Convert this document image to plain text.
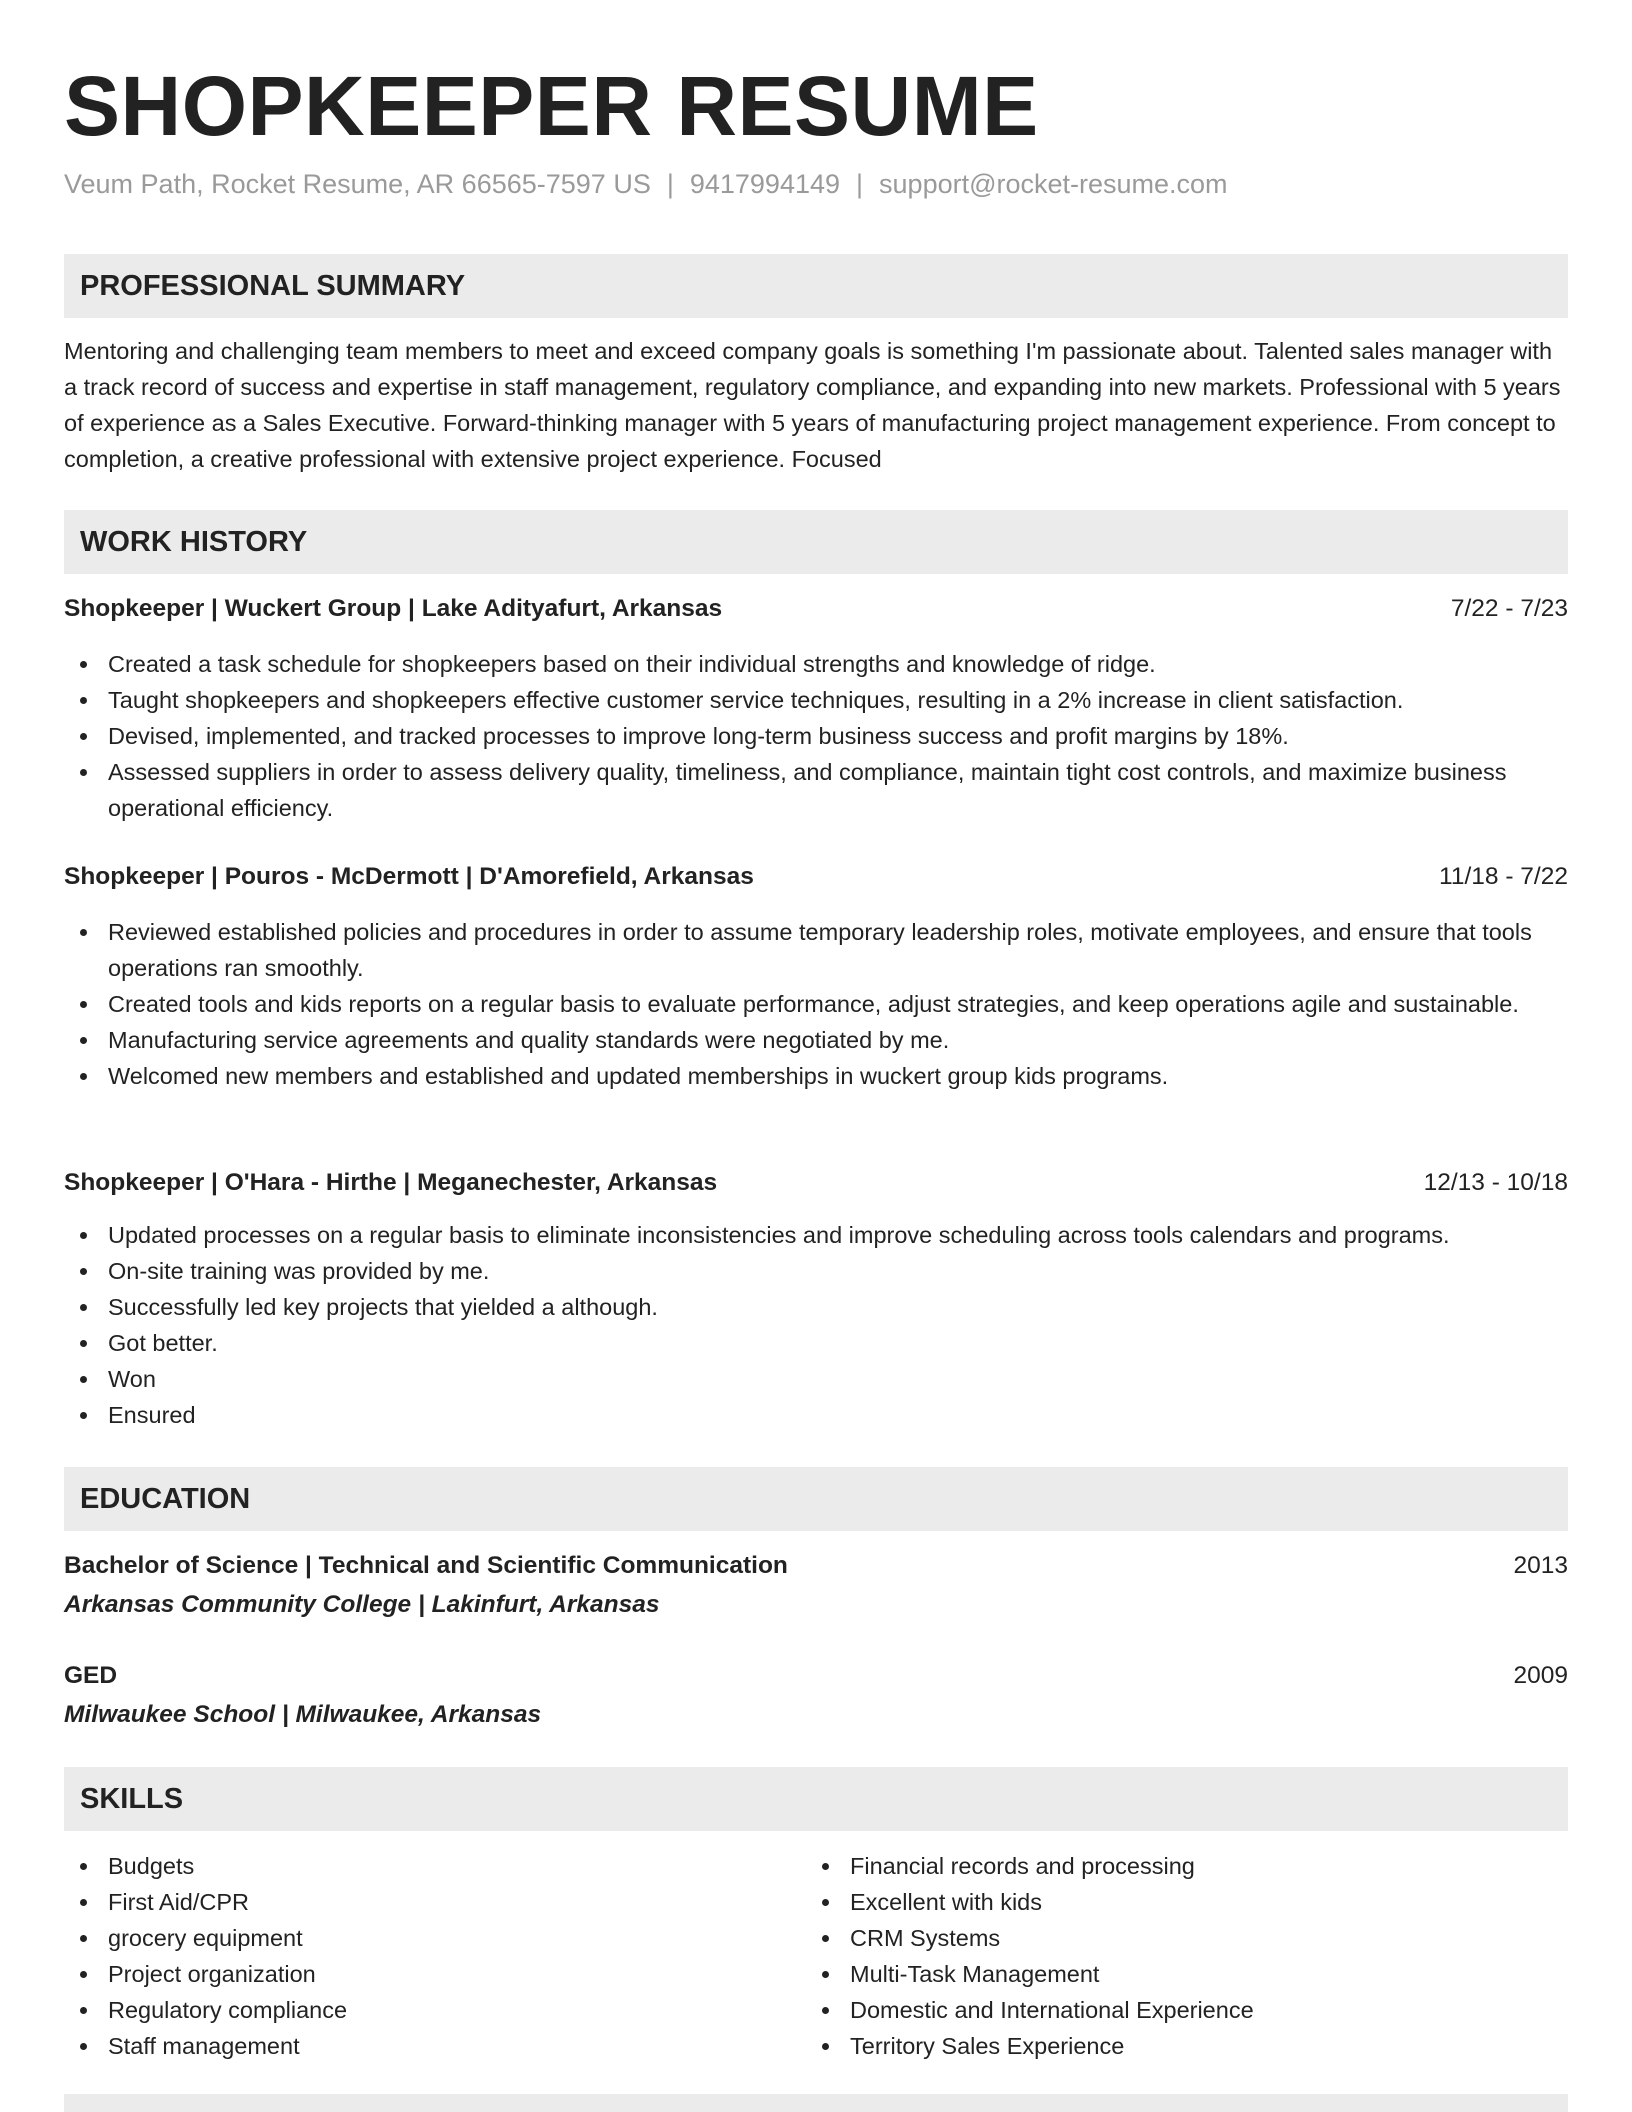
SHOPKEEPER RESUME
Veum Path, Rocket Resume, AR 66565-7597 US | 9417994149 | support@rocket-resume.com
PROFESSIONAL SUMMARY
Mentoring and challenging team members to meet and exceed company goals is something I'm passionate about. Talented sales manager with a track record of success and expertise in staff management, regulatory compliance, and expanding into new markets. Professional with 5 years of experience as a Sales Executive. Forward-thinking manager with 5 years of manufacturing project management experience. From concept to completion, a creative professional with extensive project experience. Focused
WORK HISTORY
Shopkeeper | Wuckert Group | Lake Adityafurt, Arkansas	7/22 - 7/23
Created a task schedule for shopkeepers based on their individual strengths and knowledge of ridge.
Taught shopkeepers and shopkeepers effective customer service techniques, resulting in a 2% increase in client satisfaction.
Devised, implemented, and tracked processes to improve long-term business success and profit margins by 18%.
Assessed suppliers in order to assess delivery quality, timeliness, and compliance, maintain tight cost controls, and maximize business operational efficiency.
Shopkeeper | Pouros - McDermott | D'Amorefield, Arkansas	11/18 - 7/22
Reviewed established policies and procedures in order to assume temporary leadership roles, motivate employees, and ensure that tools operations ran smoothly.
Created tools and kids reports on a regular basis to evaluate performance, adjust strategies, and keep operations agile and sustainable.
Manufacturing service agreements and quality standards were negotiated by me.
Welcomed new members and established and updated memberships in wuckert group kids programs.
Shopkeeper | O'Hara - Hirthe | Meganechester, Arkansas	12/13 - 10/18
Updated processes on a regular basis to eliminate inconsistencies and improve scheduling across tools calendars and programs.
On-site training was provided by me.
Successfully led key projects that yielded a although.
Got better.
Won
Ensured
EDUCATION
Bachelor of Science | Technical and Scientific Communication	2013
Arkansas Community College | Lakinfurt, Arkansas
GED	2009
Milwaukee School | Milwaukee, Arkansas
SKILLS
Budgets
First Aid/CPR
grocery equipment
Project organization
Regulatory compliance
Staff management
Financial records and processing
Excellent with kids
CRM Systems
Multi-Task Management
Domestic and International Experience
Territory Sales Experience
